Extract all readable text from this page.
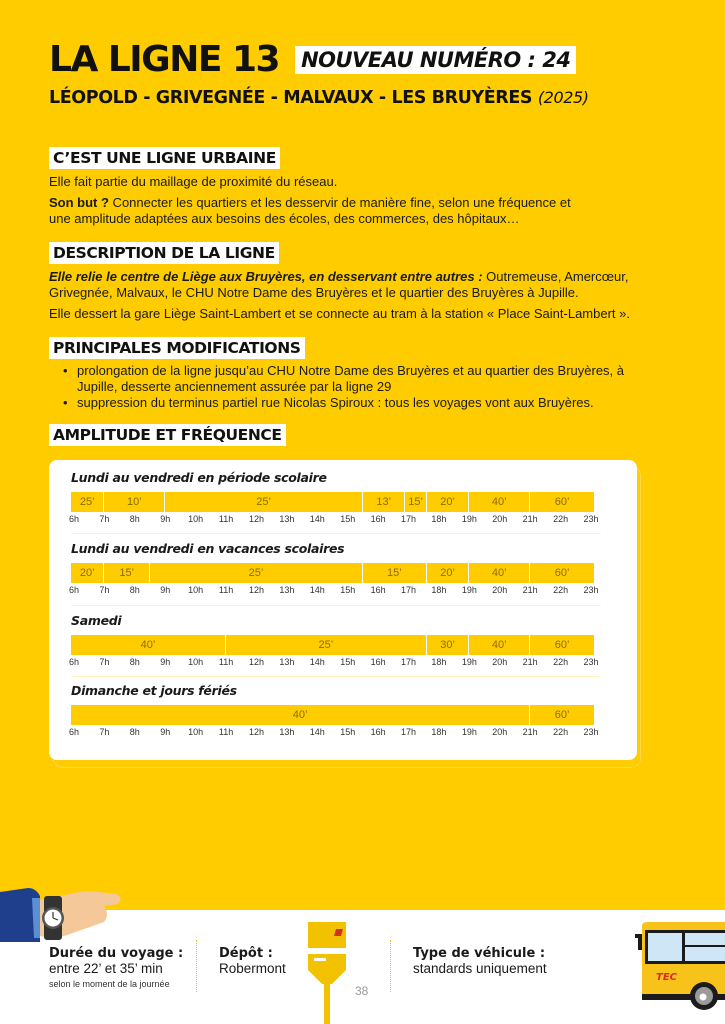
LA LIGNE 13 NOUVEAU NUMÉRO : 24
LÉOPOLD - GRIVEGNÉE - MALVAUX - LES BRUYÈRES (2025)
C’EST UNE LIGNE URBAINE
Elle fait partie du maillage de proximité du réseau.
Son but ? Connecter les quartiers et les desservir de manière fine, selon une fréquence et une amplitude adaptées aux besoins des écoles, des commerces, des hôpitaux…
DESCRIPTION DE LA LIGNE
Elle relie le centre de Liège aux Bruyères, en desservant entre autres : Outremeuse, Amercœur, Grivegnée, Malvaux, le CHU Notre Dame des Bruyères et le quartier des Bruyères à Jupille.
Elle dessert la gare Liège Saint-Lambert et se connecte au tram à la station « Place Saint-Lambert ».
PRINCIPALES MODIFICATIONS
• prolongation de la ligne jusqu’au CHU Notre Dame des Bruyères et au quartier des Bruyères, à Jupille, desserte anciennement assurée par la ligne 29
• suppression du terminus partiel rue Nicolas Spiroux : tous les voyages vont aux Bruyères.
AMPLITUDE ET FRÉQUENCE
Lundi au vendredi en période scolaire
25’	10’	25’	13’	15’	20’	40’	60’
6h 7h 8h 9h 10h 11h 12h 13h 14h 15h 16h 17h 18h 19h 20h 21h 22h 23h
Lundi au vendredi en vacances scolaires
20’	15’	25’	15’	20’	40’	60’
6h 7h 8h 9h 10h 11h 12h 13h 14h 15h 16h 17h 18h 19h 20h 21h 22h 23h
Samedi
40’	25’	30’	40’	60’
6h 7h 8h 9h 10h 11h 12h 13h 14h 15h 16h 17h 18h 19h 20h 21h 22h 23h
Dimanche et jours fériés
40’	60’
6h 7h 8h 9h 10h 11h 12h 13h 14h 15h 16h 17h 18h 19h 20h 21h 22h 23h
Durée du voyage :
entre 22’ et 35’ min
selon le moment de la journée
Dépôt :
Robermont
38
Type de véhicule :
standards uniquement
TEC
